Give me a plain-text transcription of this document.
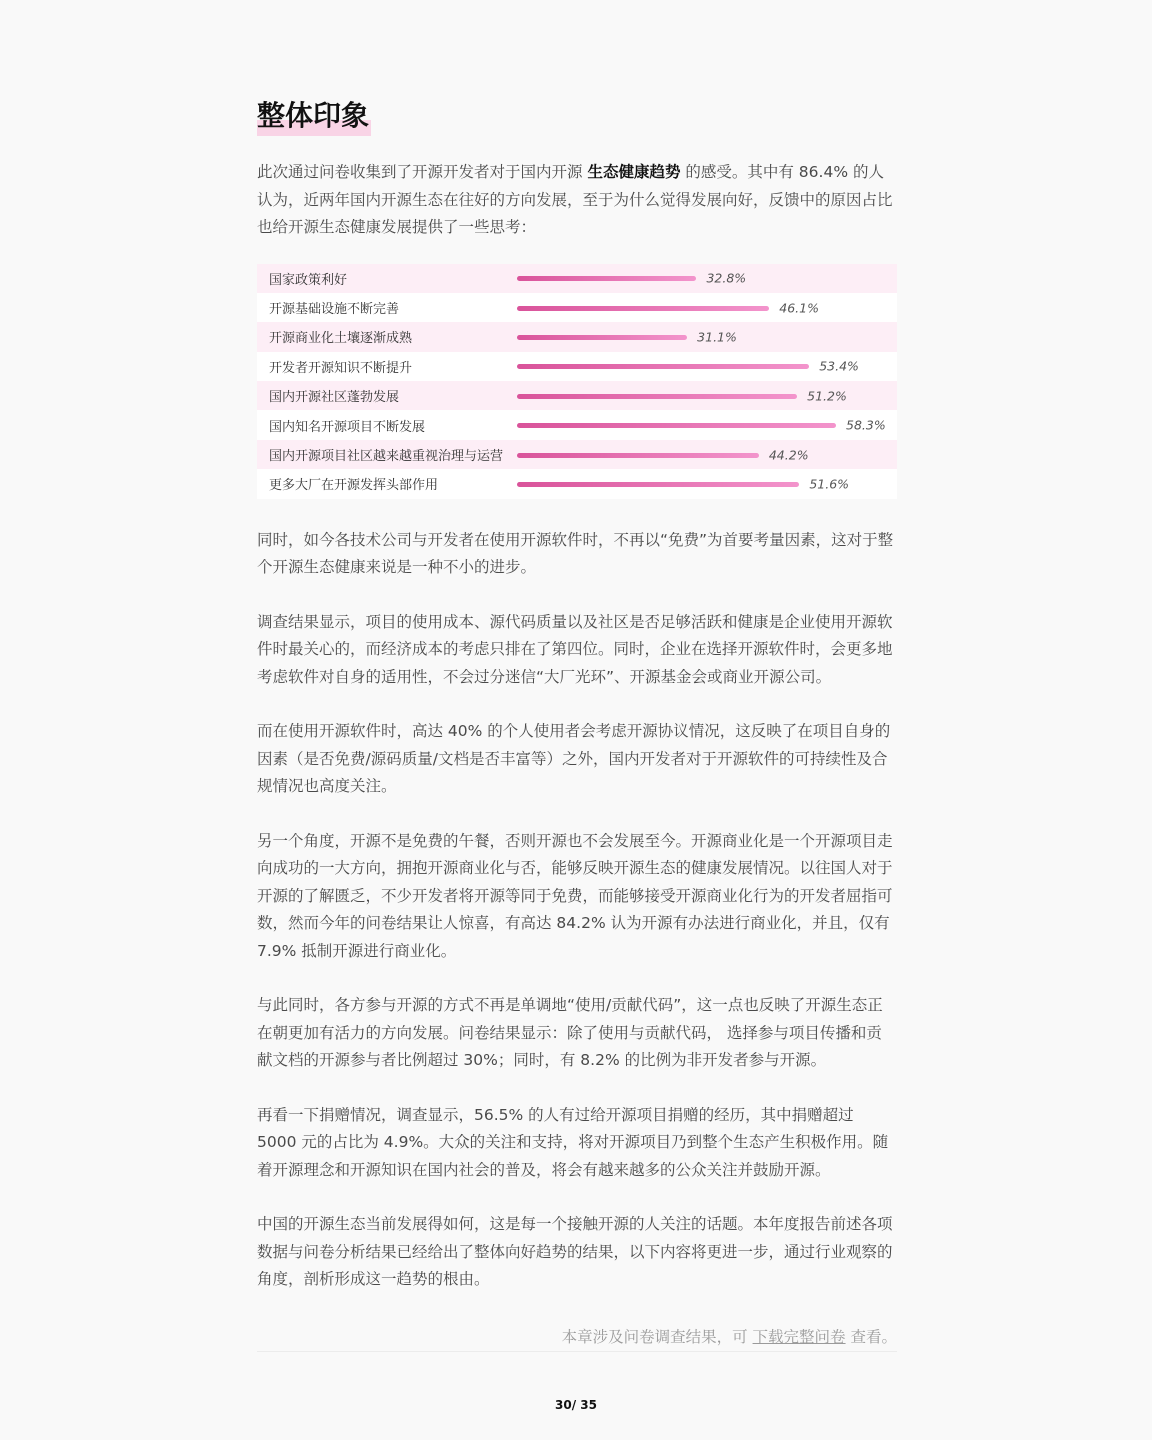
整体印象

此次通过问卷收集到了开源开发者对于国内开源 生态健康趋势 的感受。其中有 86.4% 的人认为，近两年国内开源生态在往好的方向发展，至于为什么觉得发展向好，反馈中的原因占比也给开源生态健康发展提供了一些思考：

国家政策利好	32.8%
开源基础设施不断完善	46.1%
开源商业化土壤逐渐成熟	31.1%
开发者开源知识不断提升	53.4%
国内开源社区蓬勃发展	51.2%
国内知名开源项目不断发展	58.3%
国内开源项目社区越来越重视治理与运营	44.2%
更多大厂在开源发挥头部作用	51.6%

同时，如今各技术公司与开发者在使用开源软件时，不再以“免费”为首要考量因素，这对于整个开源生态健康来说是一种不小的进步。

调查结果显示，项目的使用成本、源代码质量以及社区是否足够活跃和健康是企业使用开源软件时最关心的，而经济成本的考虑只排在了第四位。同时，企业在选择开源软件时，会更多地考虑软件对自身的适用性，不会过分迷信“大厂光环”、开源基金会或商业开源公司。

而在使用开源软件时，高达 40% 的个人使用者会考虑开源协议情况，这反映了在项目自身的因素（是否免费/源码质量/文档是否丰富等）之外，国内开发者对于开源软件的可持续性及合规情况也高度关注。

另一个角度，开源不是免费的午餐，否则开源也不会发展至今。开源商业化是一个开源项目走向成功的一大方向，拥抱开源商业化与否，能够反映开源生态的健康发展情况。以往国人对于开源的了解匮乏，不少开发者将开源等同于免费，而能够接受开源商业化行为的开发者屈指可数，然而今年的问卷结果让人惊喜，有高达 84.2% 认为开源有办法进行商业化，并且，仅有 7.9% 抵制开源进行商业化。

与此同时，各方参与开源的方式不再是单调地“使用/贡献代码”，这一点也反映了开源生态正在朝更加有活力的方向发展。问卷结果显示：除了使用与贡献代码， 选择参与项目传播和贡献文档的开源参与者比例超过 30%；同时，有 8.2% 的比例为非开发者参与开源。

再看一下捐赠情况，调查显示，56.5% 的人有过给开源项目捐赠的经历，其中捐赠超过 5000 元的占比为 4.9%。大众的关注和支持，将对开源项目乃到整个生态产生积极作用。随着开源理念和开源知识在国内社会的普及，将会有越来越多的公众关注并鼓励开源。

中国的开源生态当前发展得如何，这是每一个接触开源的人关注的话题。本年度报告前述各项数据与问卷分析结果已经给出了整体向好趋势的结果，以下内容将更进一步，通过行业观察的角度，剖析形成这一趋势的根由。

本章涉及问卷调查结果，可 下载完整问卷 查看。
30/ 35
